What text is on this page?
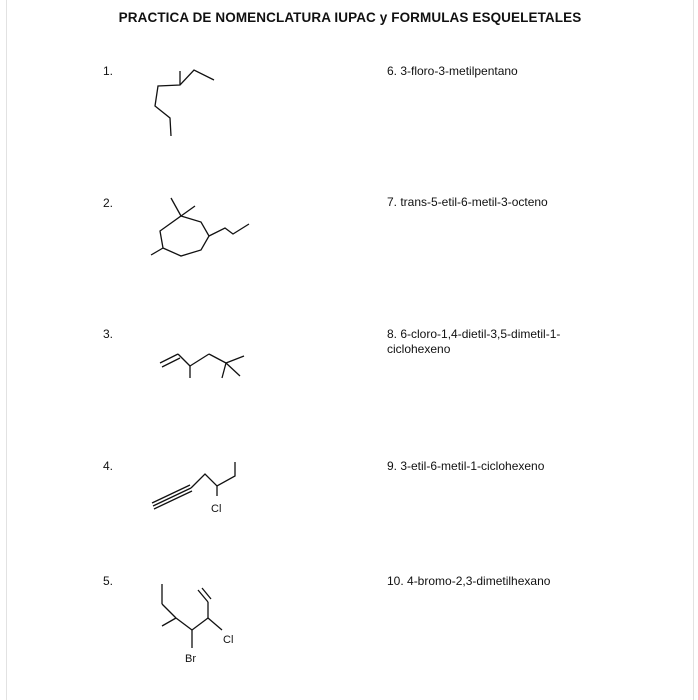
PRACTICA DE NOMENCLATURA IUPAC y FORMULAS ESQUELETALES
1.
2.
3.
4.
5.
6. 3-floro-3-metilpentano
7. trans-5-etil-6-metil-3-octeno
8. 6-cloro-1,4-dietil-3,5-dimetil-1-ciclohexeno
9. 3-etil-6-metil-1-ciclohexeno
10. 4-bromo-2,3-dimetilhexano
Cl
Cl
Br
